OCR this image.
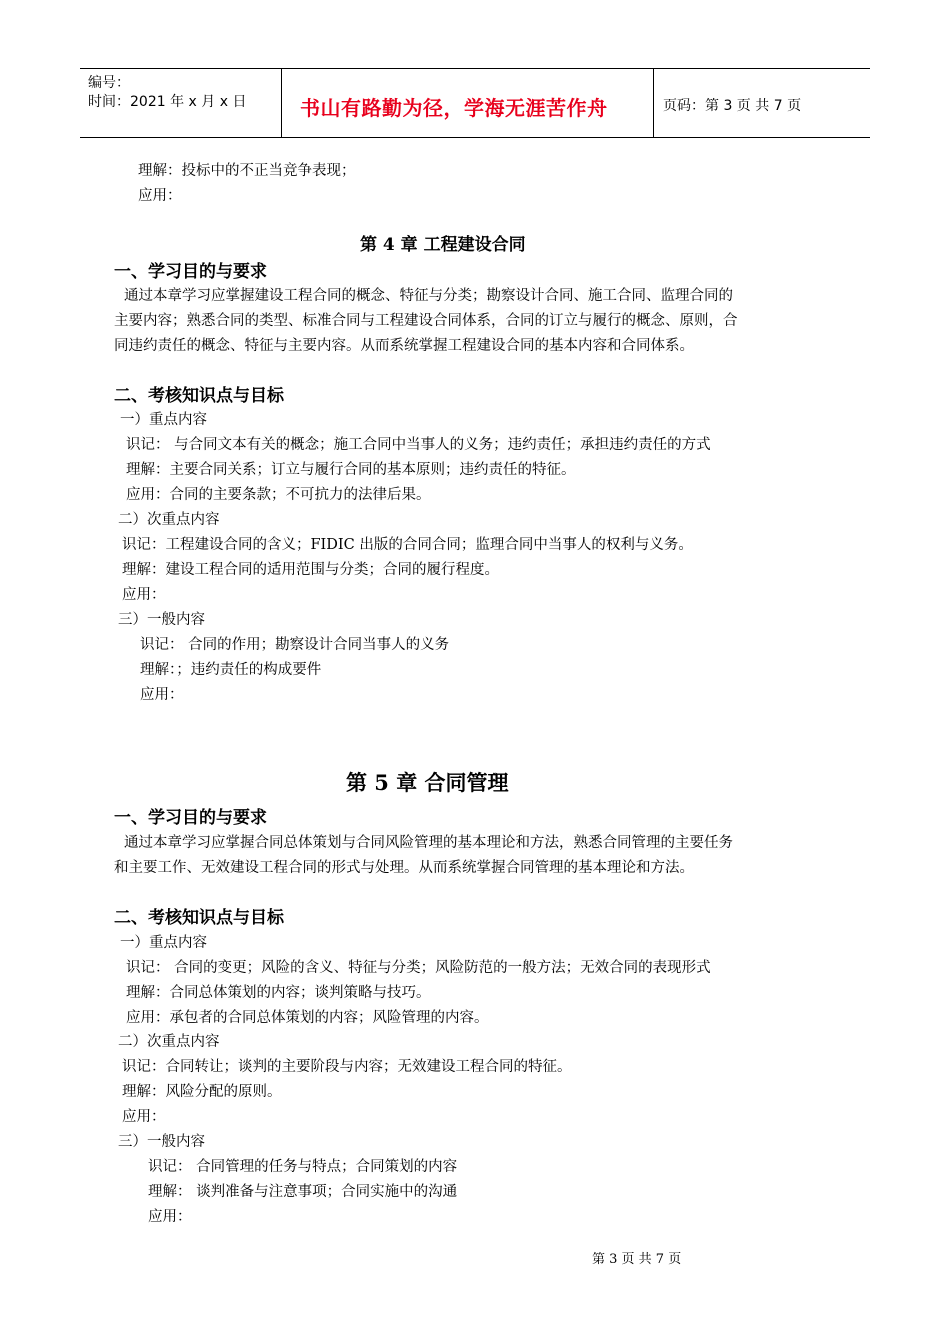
编号：
时间：2021 年 x 月 x 日	书山有路勤为径，学海无涯苦作舟	页码：第 3 页 共 7 页
理解：投标中的不正当竞争表现；
应用：
第 4 章 工程建设合同
一、学习目的与要求
通过本章学习应掌握建设工程合同的概念、特征与分类；勘察设计合同、施工合同、监理合同的
主要内容；熟悉合同的类型、标准合同与工程建设合同体系，合同的订立与履行的概念、原则，合
同违约责任的概念、特征与主要内容。从而系统掌握工程建设合同的基本内容和合同体系。
二、考核知识点与目标
一）重点内容
识记： 与合同文本有关的概念；施工合同中当事人的义务；违约责任；承担违约责任的方式
理解：主要合同关系；订立与履行合同的基本原则；违约责任的特征。
应用：合同的主要条款；不可抗力的法律后果。
二）次重点内容
识记：工程建设合同的含义；FIDIC 出版的合同合同；监理合同中当事人的权利与义务。
理解：建设工程合同的适用范围与分类；合同的履行程度。
应用：
三）一般内容
识记： 合同的作用；勘察设计合同当事人的义务
理解：；违约责任的构成要件
应用：
第 5 章 合同管理
一、学习目的与要求
通过本章学习应掌握合同总体策划与合同风险管理的基本理论和方法，熟悉合同管理的主要任务
和主要工作、无效建设工程合同的形式与处理。从而系统掌握合同管理的基本理论和方法。
二、考核知识点与目标
一）重点内容
识记： 合同的变更；风险的含义、特征与分类；风险防范的一般方法；无效合同的表现形式
理解：合同总体策划的内容；谈判策略与技巧。
应用：承包者的合同总体策划的内容；风险管理的内容。
二）次重点内容
识记：合同转让；谈判的主要阶段与内容；无效建设工程合同的特征。
理解：风险分配的原则。
应用：
三）一般内容
识记： 合同管理的任务与特点；合同策划的内容
理解： 谈判准备与注意事项；合同实施中的沟通
应用：
第 3 页 共 7 页
